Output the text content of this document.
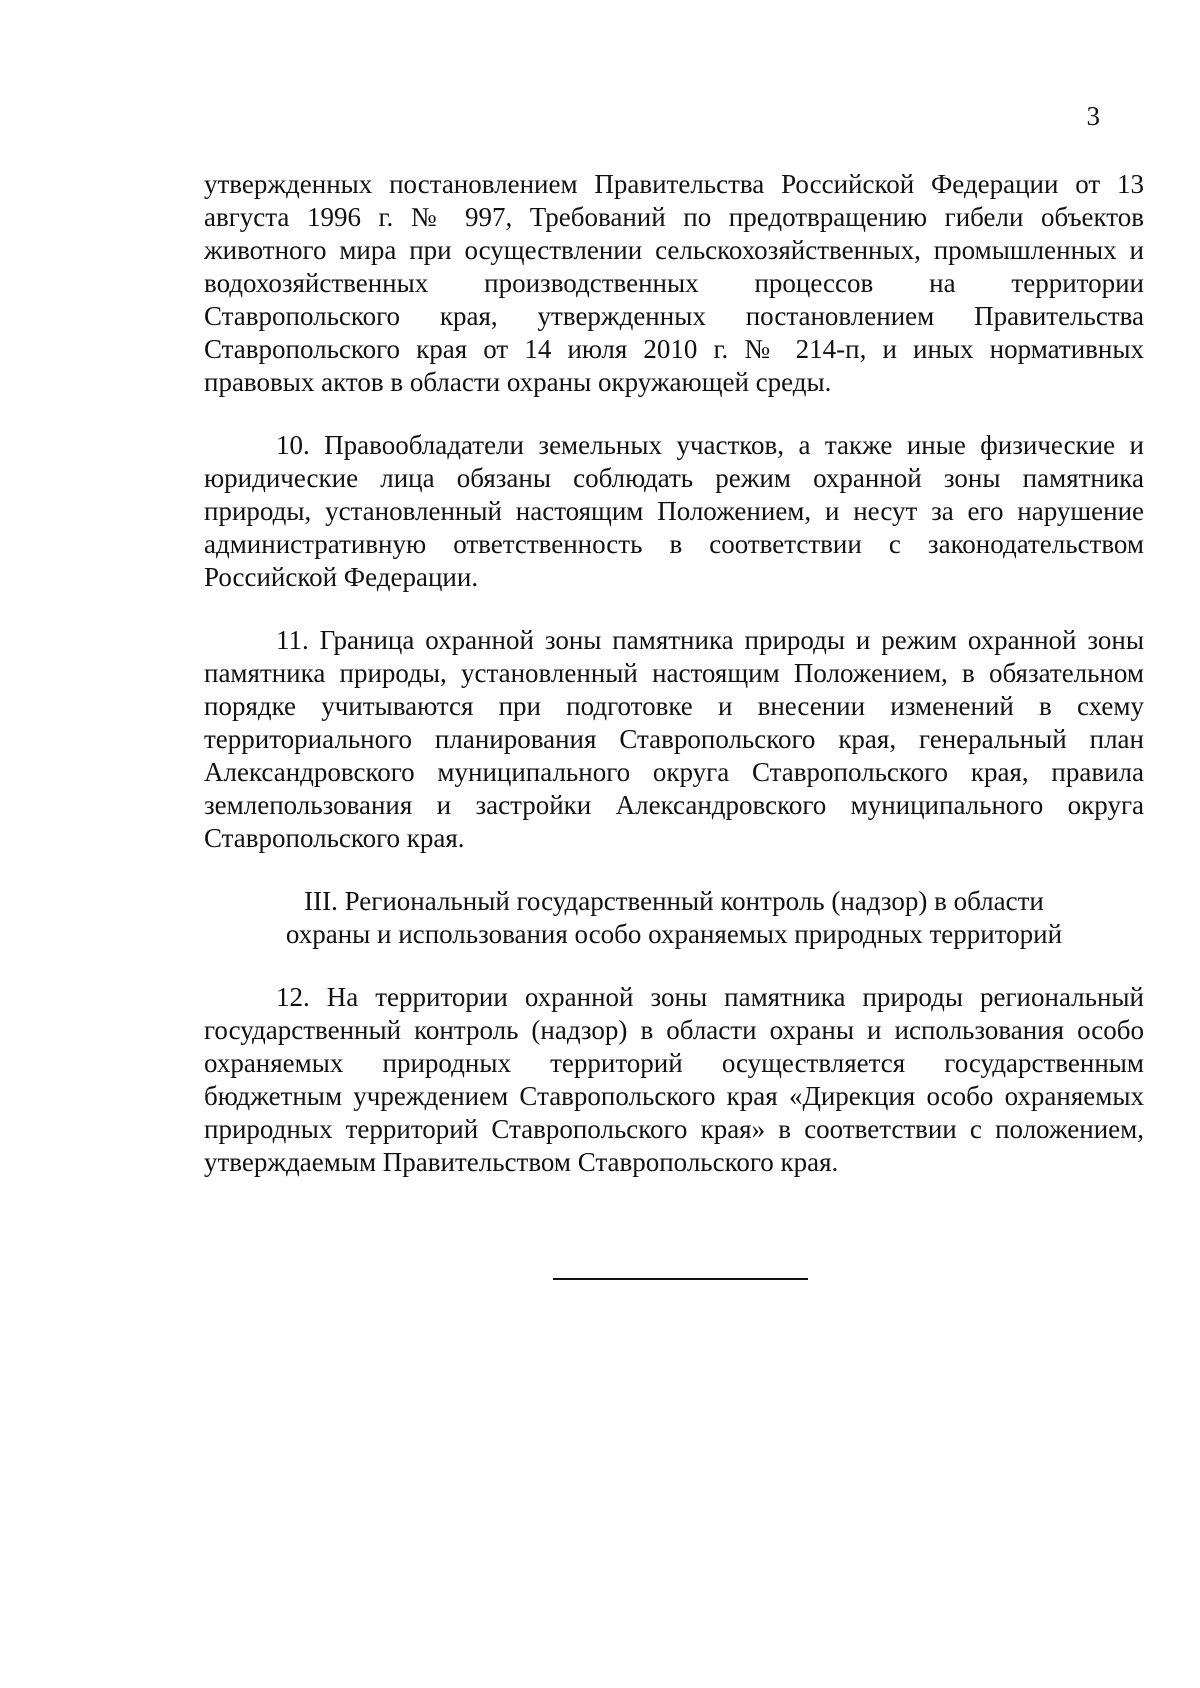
3

утвержденных постановлением Правительства Российской Федерации от 13 августа 1996 г. № 997, Требований по предотвращению гибели объектов животного мира при осуществлении сельскохозяйственных, промышленных и водохозяйственных производственных процессов на территории Ставропольского края, утвержденных постановлением Правительства Ставропольского края от 14 июля 2010 г. № 214-п, и иных нормативных правовых актов в области охраны окружающей среды.

10. Правообладатели земельных участков, а также иные физические и юридические лица обязаны соблюдать режим охранной зоны памятника природы, установленный настоящим Положением, и несут за его нарушение административную ответственность в соответствии с законодательством Российской Федерации.

11. Граница охранной зоны памятника природы и режим охранной зоны памятника природы, установленный настоящим Положением, в обязательном порядке учитываются при подготовке и внесении изменений в схему территориального планирования Ставропольского края, генеральный план Александровского муниципального округа Ставропольского края, правила землепользования и застройки Александровского муниципального округа Ставропольского края.

III. Региональный государственный контроль (надзор) в области
охраны и использования особо охраняемых природных территорий

12. На территории охранной зоны памятника природы региональный государственный контроль (надзор) в области охраны и использования особо охраняемых природных территорий осуществляется государственным бюджетным учреждением Ставропольского края «Дирекция особо охраняемых природных территорий Ставропольского края» в соответствии с положением, утверждаемым Правительством Ставропольского края.
